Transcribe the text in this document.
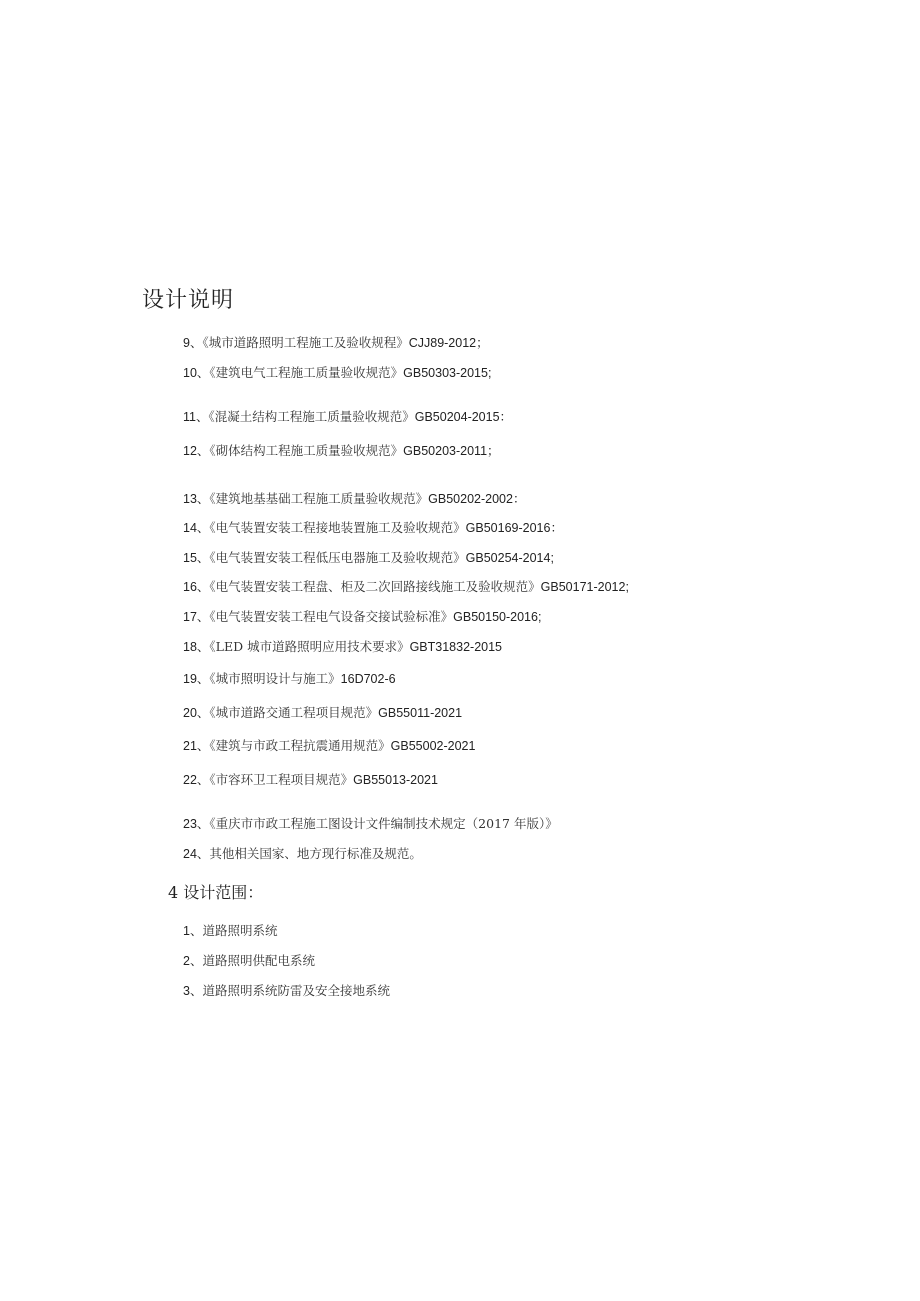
设计说明
9、《城市道路照明工程施工及验收规程》CJJ89-2012；
10、《建筑电气工程施工质量验收规范》GB50303-2015;
11、《混凝土结构工程施工质量验收规范》GB50204-2015：
12、《砌体结构工程施工质量验收规范》GB50203-2011；
13、《建筑地基基础工程施工质量验收规范》GB50202-2002：
14、《电气装置安装工程接地装置施工及验收规范》GB50169-2016：
15、《电气装置安装工程低压电器施工及验收规范》GB50254-2014;
16、《电气装置安装工程盘、柜及二次回路接线施工及验收规范》GB50171-2012;
17、《电气装置安装工程电气设备交接试验标准》GB50150-2016;
18、《LED 城市道路照明应用技术要求》GBT31832-2015
19、《城市照明设计与施工》16D702-6
20、《城市道路交通工程项目规范》GB55011-2021
21、《建筑与市政工程抗震通用规范》GB55002-2021
22、《市容环卫工程项目规范》GB55013-2021
23、《重庆市市政工程施工图设计文件编制技术规定（2017 年版）》
24、其他相关国家、地方现行标准及规范。
4 设计范围：
1、道路照明系统
2、道路照明供配电系统
3、道路照明系统防雷及安全接地系统
